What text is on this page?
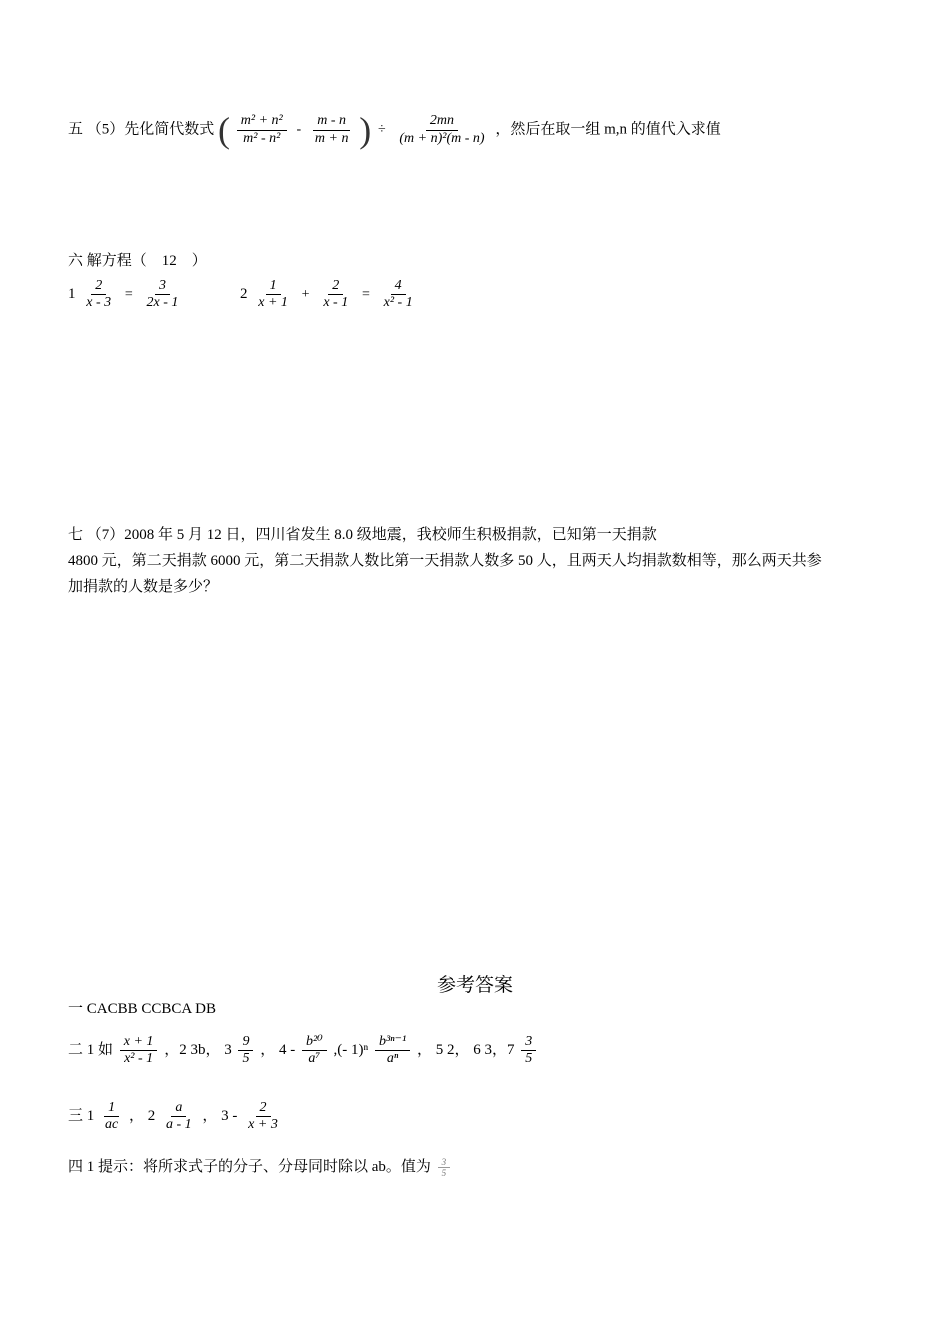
五 （5）先化简代数式 ( $\frac{\text{m² + n²}}{\text{m² - n²}} - \frac{m - n}{m + n}$ ) ÷ $\frac{2mn}{\text{(m + n)²(m - n)}}$ ，然后在取一组 m,n 的值代入求值
六 解方程（　12　）
$1 \frac{2}{x - 3} = \frac{3}{2x - 1}$	$2 \frac{1}{x + 1} + \frac{2}{x - 1} = \frac{4}{\text{x² - 1}}$
七 （7）2008 年 5 月 12 日，四川省发生 8.0 级地震，我校师生积极捐款，已知第一天捐款
4800 元，第二天捐款 6000 元，第二天捐款人数比第一天捐款人数多 50 人，且两天人均捐款数相等，那么两天共参
加捐款的人数是多少？
参考答案
一 CACBB CCBCA DB
二 1 如 $\frac{x + 1}{\text{x² - 1}}$ ，2 3b， $3 \frac{9}{5}$ ， $4 - \frac{\text{b²⁰}}{\text{a⁷}}$ ,(- $1)^n \frac{\text{b³ⁿ⁻¹}}{\text{aⁿ}}$ ， 5 2， 6 3，$7 \frac{3}{5}$
三 $1 \frac{1}{ac}$ ， $2 \frac{a}{a - 1}$ ， $3 - \frac{2}{x + 3}$
四 1 提示：将所求式子的分子、分母同时除以 ab。值为 $\frac{3}{5}$
